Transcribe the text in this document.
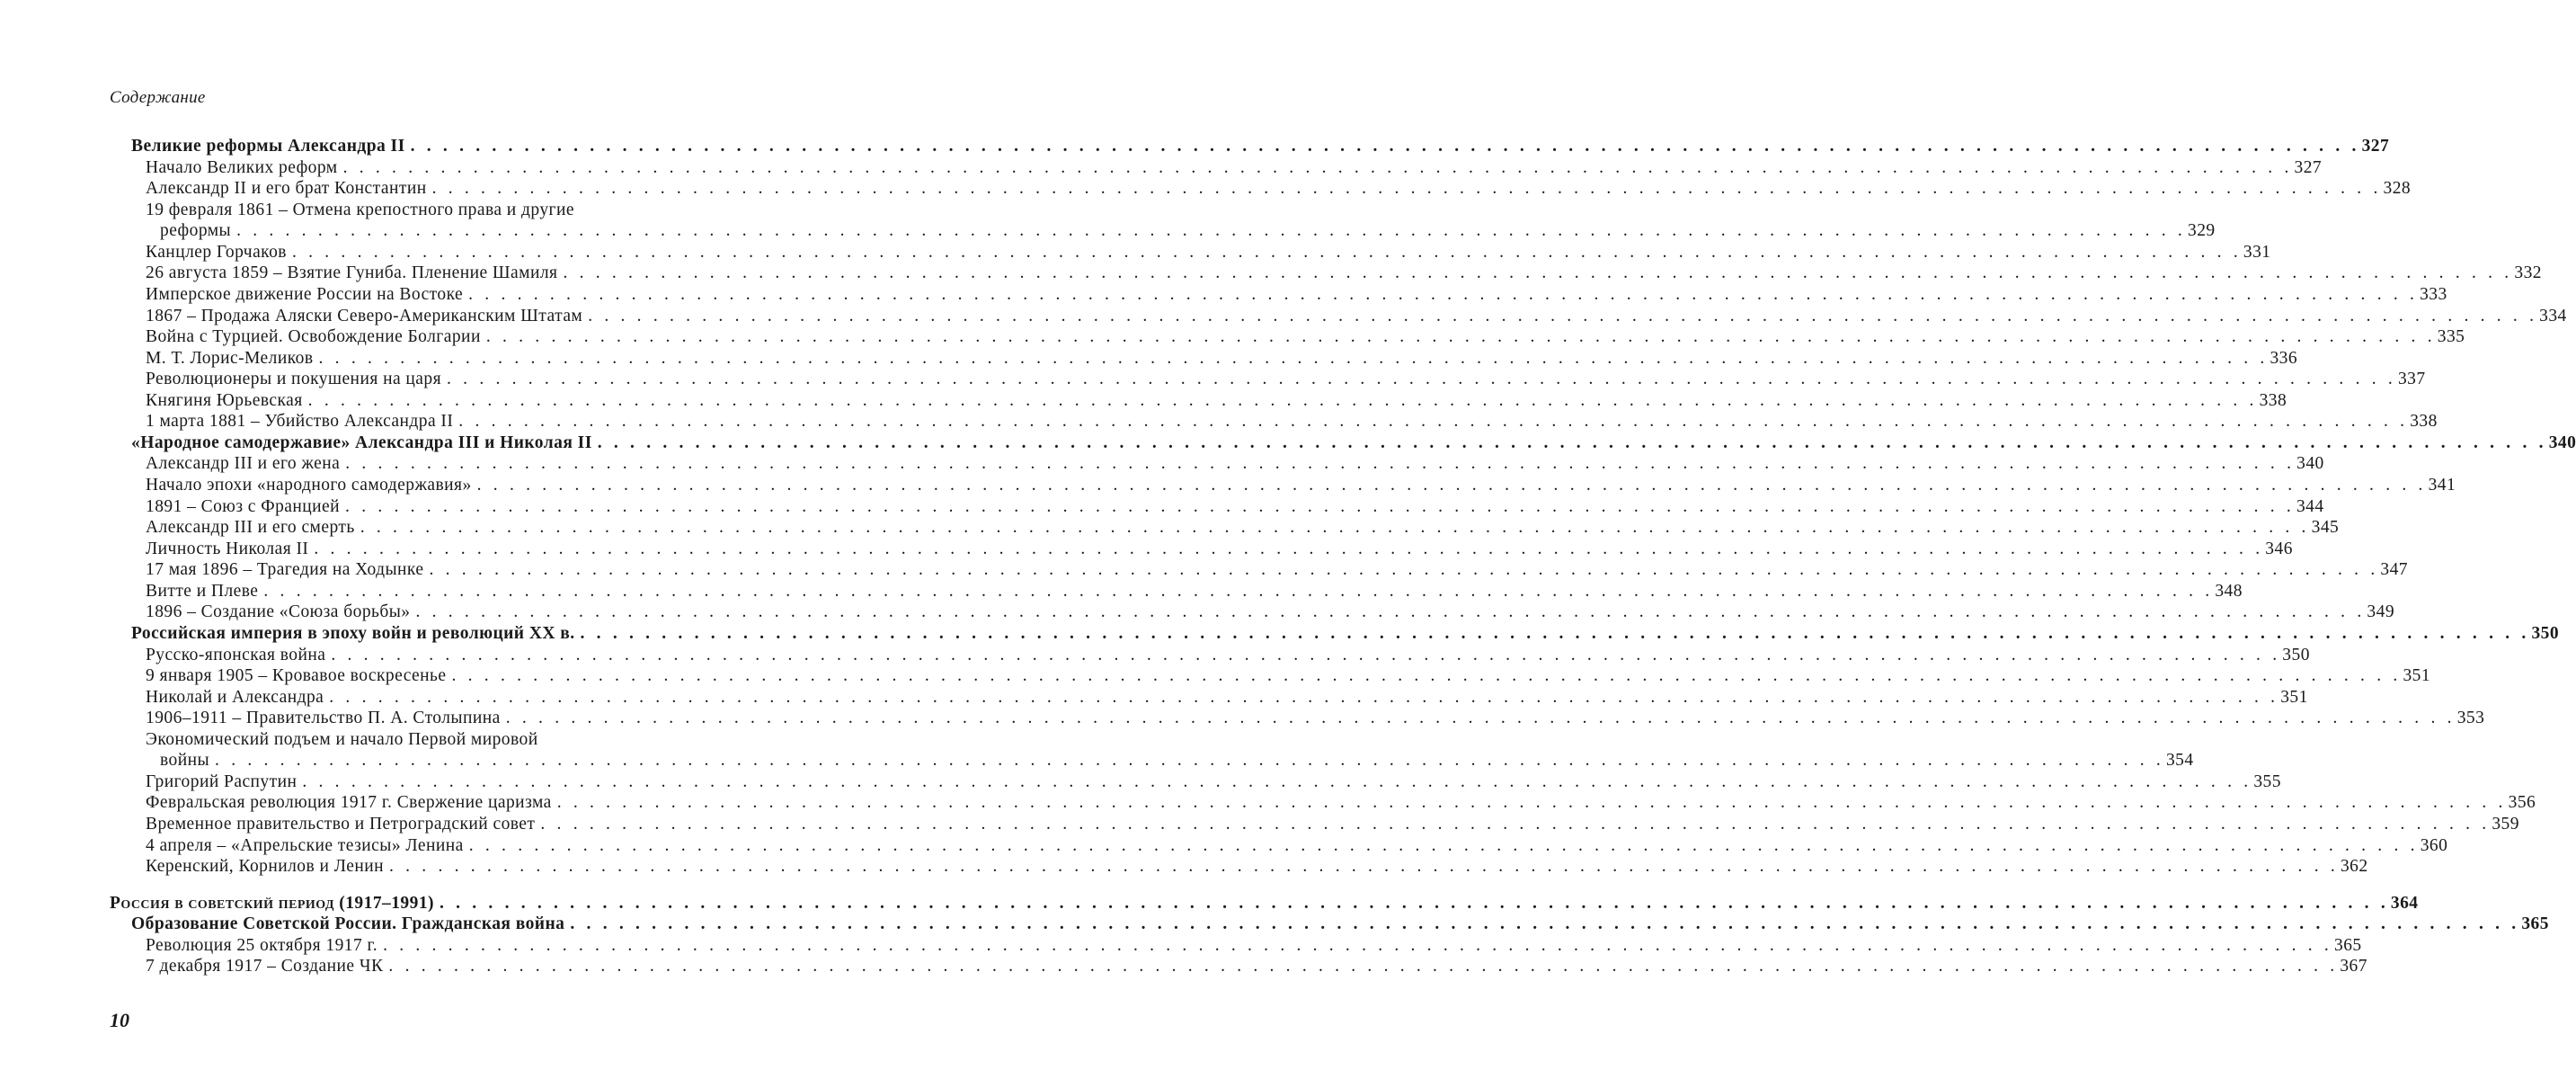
Содержание
Великие реформы Александра II . . . . . . . . . . . . . . . . . . . . . . . . . . . . . . . . . . . . . . . . . . . . . . . . . . . . . . . . . . . . . . . . . . . . . . . . . . . . . . . . . . . . . . . . . . . . . . . . . . . . . . . . . . . . . . . . . . . . . . . . 327
Начало Великих реформ . . . . . . . . . . . . . . . . . . . . . . . . . . . . . . . . . . . . . . . . . . . . . . . . . . . . . . . . . . . . . . . . . . . . . . . . . . . . . . . . . . . . . . . . . . . . . . . . . . . . . . . . . . . . . . . . . . . . . . . . 327
Александр II и его брат Константин . . . . . . . . . . . . . . . . . . . . . . . . . . . . . . . . . . . . . . . . . . . . . . . . . . . . . . . . . . . . . . . . . . . . . . . . . . . . . . . . . . . . . . . . . . . . . . . . . . . . . . . . . . . . . . . . . . . . . . . . 328
19 февраля 1861 – Отмена крепостного права и другие
реформы . . . . . . . . . . . . . . . . . . . . . . . . . . . . . . . . . . . . . . . . . . . . . . . . . . . . . . . . . . . . . . . . . . . . . . . . . . . . . . . . . . . . . . . . . . . . . . . . . . . . . . . . . . . . . . . . . . . . . . . . 329
Канцлер Горчаков . . . . . . . . . . . . . . . . . . . . . . . . . . . . . . . . . . . . . . . . . . . . . . . . . . . . . . . . . . . . . . . . . . . . . . . . . . . . . . . . . . . . . . . . . . . . . . . . . . . . . . . . . . . . . . . . . . . . . . . . 331
26 августа 1859 – Взятие Гуниба. Пленение Шамиля . . . . . . . . . . . . . . . . . . . . . . . . . . . . . . . . . . . . . . . . . . . . . . . . . . . . . . . . . . . . . . . . . . . . . . . . . . . . . . . . . . . . . . . . . . . . . . . . . . . . . . . . . . . . . . . . . . . . . . . . 332
Имперское движение России на Востоке . . . . . . . . . . . . . . . . . . . . . . . . . . . . . . . . . . . . . . . . . . . . . . . . . . . . . . . . . . . . . . . . . . . . . . . . . . . . . . . . . . . . . . . . . . . . . . . . . . . . . . . . . . . . . . . . . . . . . . . . 333
1867 – Продажа Аляски Северо-Американским Штатам . . . . . . . . . . . . . . . . . . . . . . . . . . . . . . . . . . . . . . . . . . . . . . . . . . . . . . . . . . . . . . . . . . . . . . . . . . . . . . . . . . . . . . . . . . . . . . . . . . . . . . . . . . . . . . . . . . . . . . . . 334
Война с Турцией. Освобождение Болгарии . . . . . . . . . . . . . . . . . . . . . . . . . . . . . . . . . . . . . . . . . . . . . . . . . . . . . . . . . . . . . . . . . . . . . . . . . . . . . . . . . . . . . . . . . . . . . . . . . . . . . . . . . . . . . . . . . . . . . . . . 335
М. Т. Лорис-Меликов . . . . . . . . . . . . . . . . . . . . . . . . . . . . . . . . . . . . . . . . . . . . . . . . . . . . . . . . . . . . . . . . . . . . . . . . . . . . . . . . . . . . . . . . . . . . . . . . . . . . . . . . . . . . . . . . . . . . . . . . 336
Революционеры и покушения на царя . . . . . . . . . . . . . . . . . . . . . . . . . . . . . . . . . . . . . . . . . . . . . . . . . . . . . . . . . . . . . . . . . . . . . . . . . . . . . . . . . . . . . . . . . . . . . . . . . . . . . . . . . . . . . . . . . . . . . . . . 337
Княгиня Юрьевская . . . . . . . . . . . . . . . . . . . . . . . . . . . . . . . . . . . . . . . . . . . . . . . . . . . . . . . . . . . . . . . . . . . . . . . . . . . . . . . . . . . . . . . . . . . . . . . . . . . . . . . . . . . . . . . . . . . . . . . . 338
1 марта 1881 – Убийство Александра II . . . . . . . . . . . . . . . . . . . . . . . . . . . . . . . . . . . . . . . . . . . . . . . . . . . . . . . . . . . . . . . . . . . . . . . . . . . . . . . . . . . . . . . . . . . . . . . . . . . . . . . . . . . . . . . . . . . . . . . . 338
«Народное самодержавие» Александра III и Николая II . . . . . . . . . . . . . . . . . . . . . . . . . . . . . . . . . . . . . . . . . . . . . . . . . . . . . . . . . . . . . . . . . . . . . . . . . . . . . . . . . . . . . . . . . . . . . . . . . . . . . . . . . . . . . . . . . . . . . . . . 340
Александр III и его жена . . . . . . . . . . . . . . . . . . . . . . . . . . . . . . . . . . . . . . . . . . . . . . . . . . . . . . . . . . . . . . . . . . . . . . . . . . . . . . . . . . . . . . . . . . . . . . . . . . . . . . . . . . . . . . . . . . . . . . . . 340
Начало эпохи «народного самодержавия» . . . . . . . . . . . . . . . . . . . . . . . . . . . . . . . . . . . . . . . . . . . . . . . . . . . . . . . . . . . . . . . . . . . . . . . . . . . . . . . . . . . . . . . . . . . . . . . . . . . . . . . . . . . . . . . . . . . . . . . . 341
1891 – Союз с Францией . . . . . . . . . . . . . . . . . . . . . . . . . . . . . . . . . . . . . . . . . . . . . . . . . . . . . . . . . . . . . . . . . . . . . . . . . . . . . . . . . . . . . . . . . . . . . . . . . . . . . . . . . . . . . . . . . . . . . . . . 344
Александр III и его смерть . . . . . . . . . . . . . . . . . . . . . . . . . . . . . . . . . . . . . . . . . . . . . . . . . . . . . . . . . . . . . . . . . . . . . . . . . . . . . . . . . . . . . . . . . . . . . . . . . . . . . . . . . . . . . . . . . . . . . . . . 345
Личность Николая II . . . . . . . . . . . . . . . . . . . . . . . . . . . . . . . . . . . . . . . . . . . . . . . . . . . . . . . . . . . . . . . . . . . . . . . . . . . . . . . . . . . . . . . . . . . . . . . . . . . . . . . . . . . . . . . . . . . . . . . . 346
17 мая 1896 – Трагедия на Ходынке . . . . . . . . . . . . . . . . . . . . . . . . . . . . . . . . . . . . . . . . . . . . . . . . . . . . . . . . . . . . . . . . . . . . . . . . . . . . . . . . . . . . . . . . . . . . . . . . . . . . . . . . . . . . . . . . . . . . . . . . 347
Витте и Плеве . . . . . . . . . . . . . . . . . . . . . . . . . . . . . . . . . . . . . . . . . . . . . . . . . . . . . . . . . . . . . . . . . . . . . . . . . . . . . . . . . . . . . . . . . . . . . . . . . . . . . . . . . . . . . . . . . . . . . . . . 348
1896 – Создание «Союза борьбы» . . . . . . . . . . . . . . . . . . . . . . . . . . . . . . . . . . . . . . . . . . . . . . . . . . . . . . . . . . . . . . . . . . . . . . . . . . . . . . . . . . . . . . . . . . . . . . . . . . . . . . . . . . . . . . . . . . . . . . . . 349
Российская империя в эпоху войн и революций XX в. . . . . . . . . . . . . . . . . . . . . . . . . . . . . . . . . . . . . . . . . . . . . . . . . . . . . . . . . . . . . . . . . . . . . . . . . . . . . . . . . . . . . . . . . . . . . . . . . . . . . . . . . . . . . . . . . . . . . . . . . 350
Русско-японская война . . . . . . . . . . . . . . . . . . . . . . . . . . . . . . . . . . . . . . . . . . . . . . . . . . . . . . . . . . . . . . . . . . . . . . . . . . . . . . . . . . . . . . . . . . . . . . . . . . . . . . . . . . . . . . . . . . . . . . . . 350
9 января 1905 – Кровавое воскресенье . . . . . . . . . . . . . . . . . . . . . . . . . . . . . . . . . . . . . . . . . . . . . . . . . . . . . . . . . . . . . . . . . . . . . . . . . . . . . . . . . . . . . . . . . . . . . . . . . . . . . . . . . . . . . . . . . . . . . . . . 351
Николай и Александра . . . . . . . . . . . . . . . . . . . . . . . . . . . . . . . . . . . . . . . . . . . . . . . . . . . . . . . . . . . . . . . . . . . . . . . . . . . . . . . . . . . . . . . . . . . . . . . . . . . . . . . . . . . . . . . . . . . . . . . . 351
1906–1911 – Правительство П. А. Столыпина . . . . . . . . . . . . . . . . . . . . . . . . . . . . . . . . . . . . . . . . . . . . . . . . . . . . . . . . . . . . . . . . . . . . . . . . . . . . . . . . . . . . . . . . . . . . . . . . . . . . . . . . . . . . . . . . . . . . . . . . 353
Экономический подъем и начало Первой мировой
войны . . . . . . . . . . . . . . . . . . . . . . . . . . . . . . . . . . . . . . . . . . . . . . . . . . . . . . . . . . . . . . . . . . . . . . . . . . . . . . . . . . . . . . . . . . . . . . . . . . . . . . . . . . . . . . . . . . . . . . . . 354
Григорий Распутин . . . . . . . . . . . . . . . . . . . . . . . . . . . . . . . . . . . . . . . . . . . . . . . . . . . . . . . . . . . . . . . . . . . . . . . . . . . . . . . . . . . . . . . . . . . . . . . . . . . . . . . . . . . . . . . . . . . . . . . . 355
Февральская революция 1917 г. Свержение царизма . . . . . . . . . . . . . . . . . . . . . . . . . . . . . . . . . . . . . . . . . . . . . . . . . . . . . . . . . . . . . . . . . . . . . . . . . . . . . . . . . . . . . . . . . . . . . . . . . . . . . . . . . . . . . . . . . . . . . . . . 356
Временное правительство и Петроградский совет . . . . . . . . . . . . . . . . . . . . . . . . . . . . . . . . . . . . . . . . . . . . . . . . . . . . . . . . . . . . . . . . . . . . . . . . . . . . . . . . . . . . . . . . . . . . . . . . . . . . . . . . . . . . . . . . . . . . . . . . 359
4 апреля – «Апрельские тезисы» Ленина . . . . . . . . . . . . . . . . . . . . . . . . . . . . . . . . . . . . . . . . . . . . . . . . . . . . . . . . . . . . . . . . . . . . . . . . . . . . . . . . . . . . . . . . . . . . . . . . . . . . . . . . . . . . . . . . . . . . . . . . 360
Керенский, Корнилов и Ленин . . . . . . . . . . . . . . . . . . . . . . . . . . . . . . . . . . . . . . . . . . . . . . . . . . . . . . . . . . . . . . . . . . . . . . . . . . . . . . . . . . . . . . . . . . . . . . . . . . . . . . . . . . . . . . . . . . . . . . . . 362
Россия в советский период (1917–1991) . . . . . . . . . . . . . . . . . . . . . . . . . . . . . . . . . . . . . . . . . . . . . . . . . . . . . . . . . . . . . . . . . . . . . . . . . . . . . . . . . . . . . . . . . . . . . . . . . . . . . . . . . . . . . . . . . . . . . . . . 364
Образование Советской России. Гражданская война . . . . . . . . . . . . . . . . . . . . . . . . . . . . . . . . . . . . . . . . . . . . . . . . . . . . . . . . . . . . . . . . . . . . . . . . . . . . . . . . . . . . . . . . . . . . . . . . . . . . . . . . . . . . . . . . . . . . . . . . 365
Революция 25 октября 1917 г. . . . . . . . . . . . . . . . . . . . . . . . . . . . . . . . . . . . . . . . . . . . . . . . . . . . . . . . . . . . . . . . . . . . . . . . . . . . . . . . . . . . . . . . . . . . . . . . . . . . . . . . . . . . . . . . . . . . . . . . . 365
7 декабря 1917 – Создание ЧК . . . . . . . . . . . . . . . . . . . . . . . . . . . . . . . . . . . . . . . . . . . . . . . . . . . . . . . . . . . . . . . . . . . . . . . . . . . . . . . . . . . . . . . . . . . . . . . . . . . . . . . . . . . . . . . . . . . . . . . . 367
10
